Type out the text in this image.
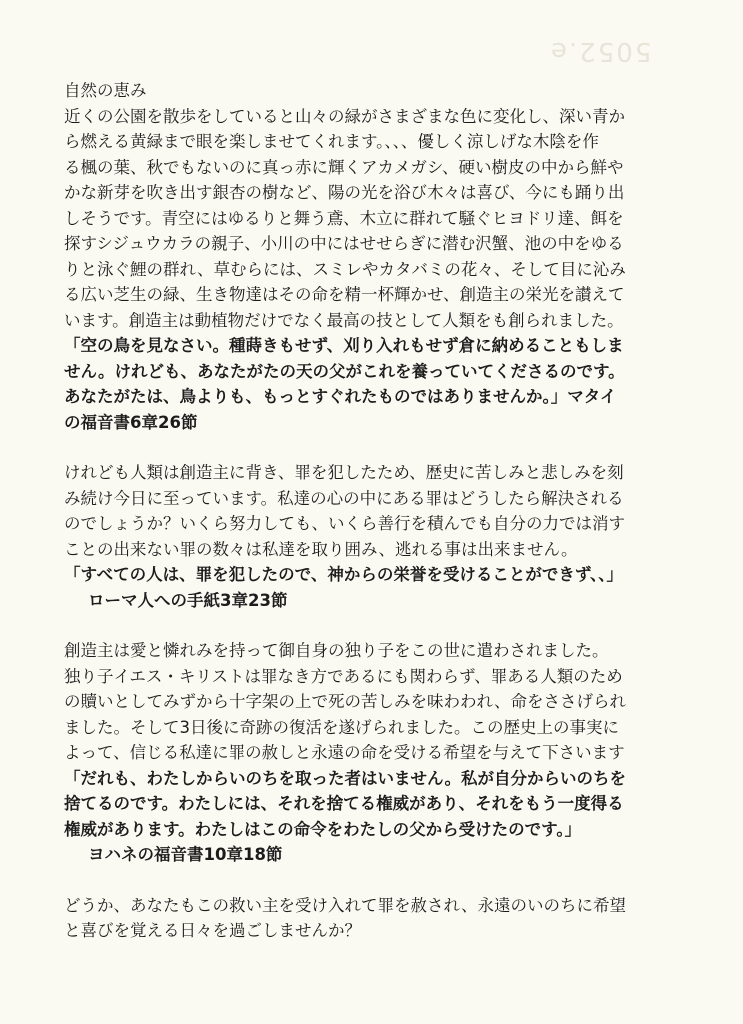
5052.e

自然の恵み

近くの公園を散歩をしていると山々の緑がさまざまな色に変化し、深い青か

ら燃える黄緑まで眼を楽しませてくれます。、、、優しく涼しげな木陰を作

る楓の葉、秋でもないのに真っ赤に輝くアカメガシ、硬い樹皮の中から鮮や

かな新芽を吹き出す銀杏の樹など、陽の光を浴び木々は喜び、今にも踊り出

しそうです。青空にはゆるりと舞う鳶、木立に群れて騒ぐヒヨドリ達、餌を

探すシジュウカラの親子、小川の中にはせせらぎに潜む沢蟹、池の中をゆる

りと泳ぐ鯉の群れ、草むらには、スミレやカタバミの花々、そして目に沁み

る広い芝生の緑、生き物達はその命を精一杯輝かせ、創造主の栄光を讃えて

います。創造主は動植物だけでなく最高の技として人類をも創られました。

「空の鳥を見なさい。種蒔きもせず、刈り入れもせず倉に納めることもしま

せん。けれども、あなたがたの天の父がこれを養っていてくださるのです。

あなたがたは、鳥よりも、もっとすぐれたものではありませんか。」マタイ

の福音書6章26節

けれども人類は創造主に背き、罪を犯したため、歴史に苦しみと悲しみを刻

み続け今日に至っています。私達の心の中にある罪はどうしたら解決される

のでしょうか？いくら努力しても、いくら善行を積んでも自分の力では消す

ことの出来ない罪の数々は私達を取り囲み、逃れる事は出来ません。

「すべての人は、罪を犯したので、神からの栄誉を受けることができず、、」

ローマ人への手紙3章23節

創造主は愛と憐れみを持って御自身の独り子をこの世に遣わされました。

独り子イエス・キリストは罪なき方であるにも関わらず、罪ある人類のため

の贖いとしてみずから十字架の上で死の苦しみを味わわれ、命をささげられ

ました。そして3日後に奇跡の復活を遂げられました。この歴史上の事実に

よって、信じる私達に罪の赦しと永遠の命を受ける希望を与えて下さいます

「だれも、わたしからいのちを取った者はいません。私が自分からいのちを

捨てるのです。わたしには、それを捨てる権威があり、それをもう一度得る

権威があります。わたしはこの命令をわたしの父から受けたのです。」

ヨハネの福音書10章18節

どうか、あなたもこの救い主を受け入れて罪を赦され、永遠のいのちに希望

と喜びを覚える日々を過ごしませんか？
